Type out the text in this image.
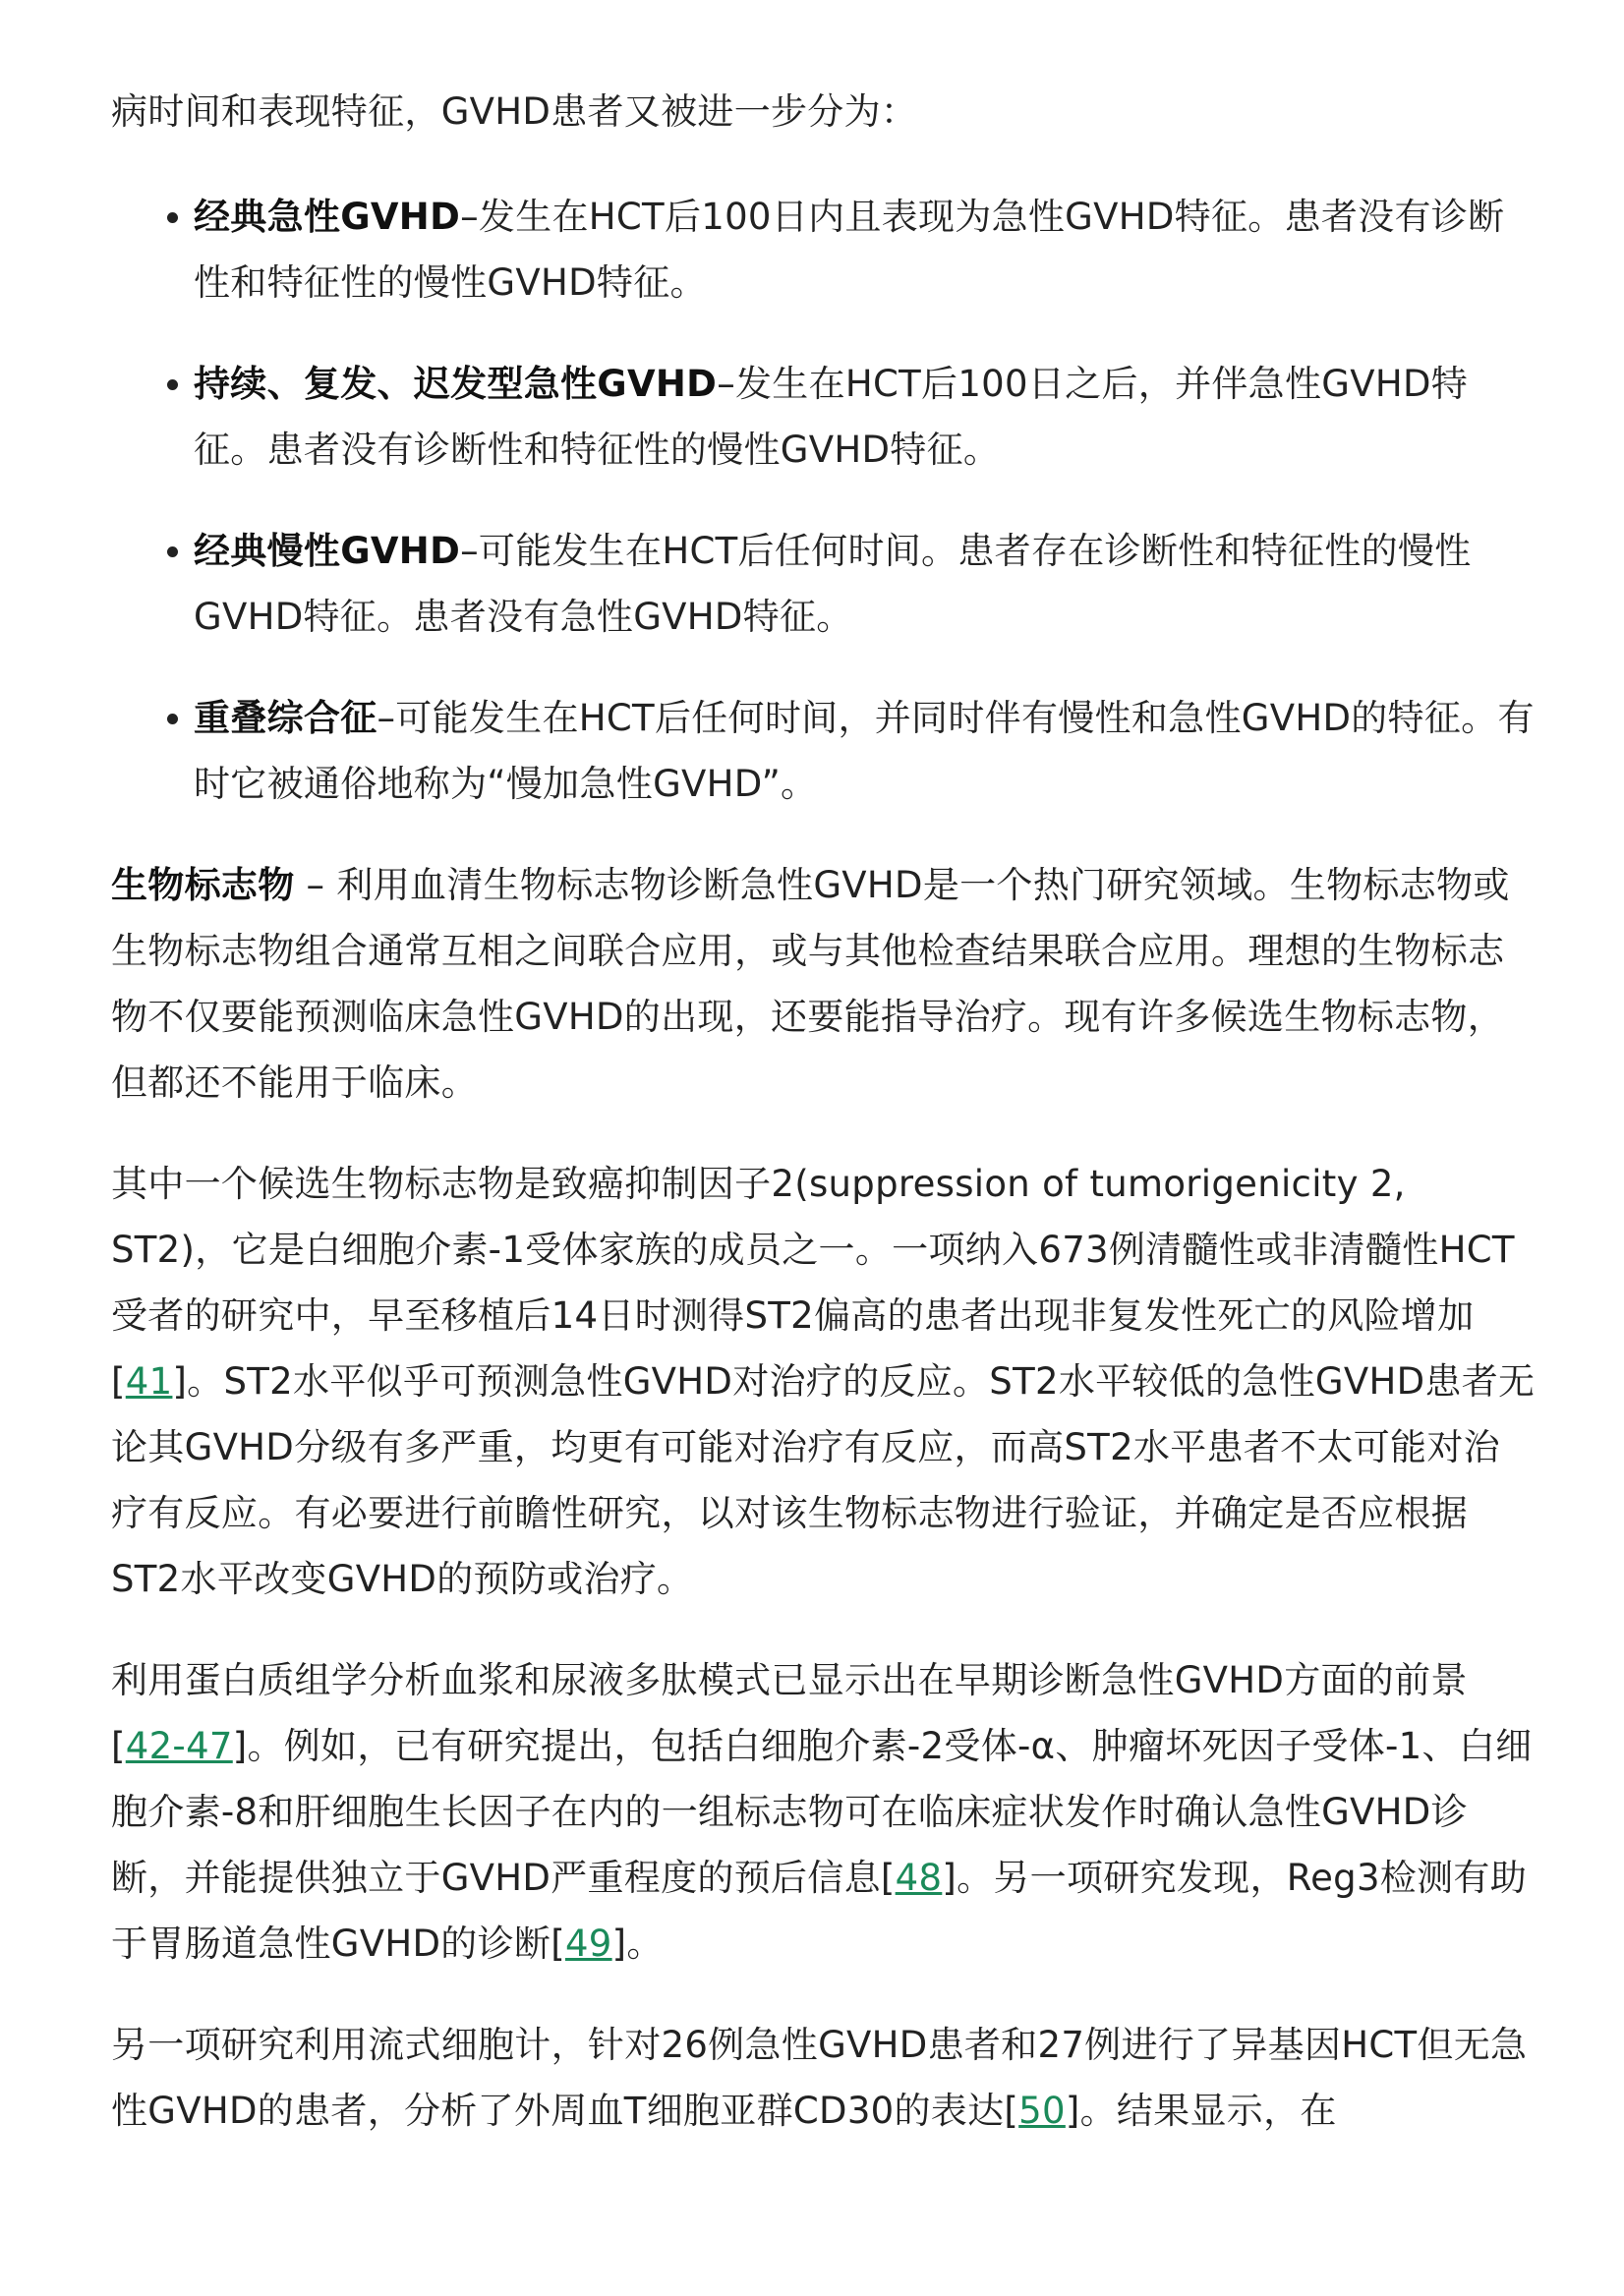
病时间和表现特征，GVHD患者又被进一步分为：

经典急性GVHD–发生在HCT后100日内且表现为急性GVHD特征。患者没有诊断性和特征性的慢性GVHD特征。
持续、复发、迟发型急性GVHD–发生在HCT后100日之后，并伴急性GVHD特征。患者没有诊断性和特征性的慢性GVHD特征。
经典慢性GVHD–可能发生在HCT后任何时间。患者存在诊断性和特征性的慢性GVHD特征。患者没有急性GVHD特征。
重叠综合征–可能发生在HCT后任何时间，并同时伴有慢性和急性GVHD的特征。有时它被通俗地称为“慢加急性GVHD”。

生物标志物 – 利用血清生物标志物诊断急性GVHD是一个热门研究领域。生物标志物或生物标志物组合通常互相之间联合应用，或与其他检查结果联合应用。理想的生物标志物不仅要能预测临床急性GVHD的出现，还要能指导治疗。现有许多候选生物标志物，但都还不能用于临床。

其中一个候选生物标志物是致癌抑制因子2(suppression of tumorigenicity 2, ST2)，它是白细胞介素-1受体家族的成员之一。一项纳入673例清髓性或非清髓性HCT受者的研究中，早至移植后14日时测得ST2偏高的患者出现非复发性死亡的风险增加[41]。ST2水平似乎可预测急性GVHD对治疗的反应。ST2水平较低的急性GVHD患者无论其GVHD分级有多严重，均更有可能对治疗有反应，而高ST2水平患者不太可能对治疗有反应。有必要进行前瞻性研究，以对该生物标志物进行验证，并确定是否应根据ST2水平改变GVHD的预防或治疗。

利用蛋白质组学分析血浆和尿液多肽模式已显示出在早期诊断急性GVHD方面的前景[42-47]。例如，已有研究提出，包括白细胞介素-2受体-α、肿瘤坏死因子受体-1、白细胞介素-8和肝细胞生长因子在内的一组标志物可在临床症状发作时确认急性GVHD诊断，并能提供独立于GVHD严重程度的预后信息[48]。另一项研究发现，Reg3检测有助于胃肠道急性GVHD的诊断[49]。

另一项研究利用流式细胞计，针对26例急性GVHD患者和27例进行了异基因HCT但无急性GVHD的患者，分析了外周血T细胞亚群CD30的表达[50]。结果显示，在
